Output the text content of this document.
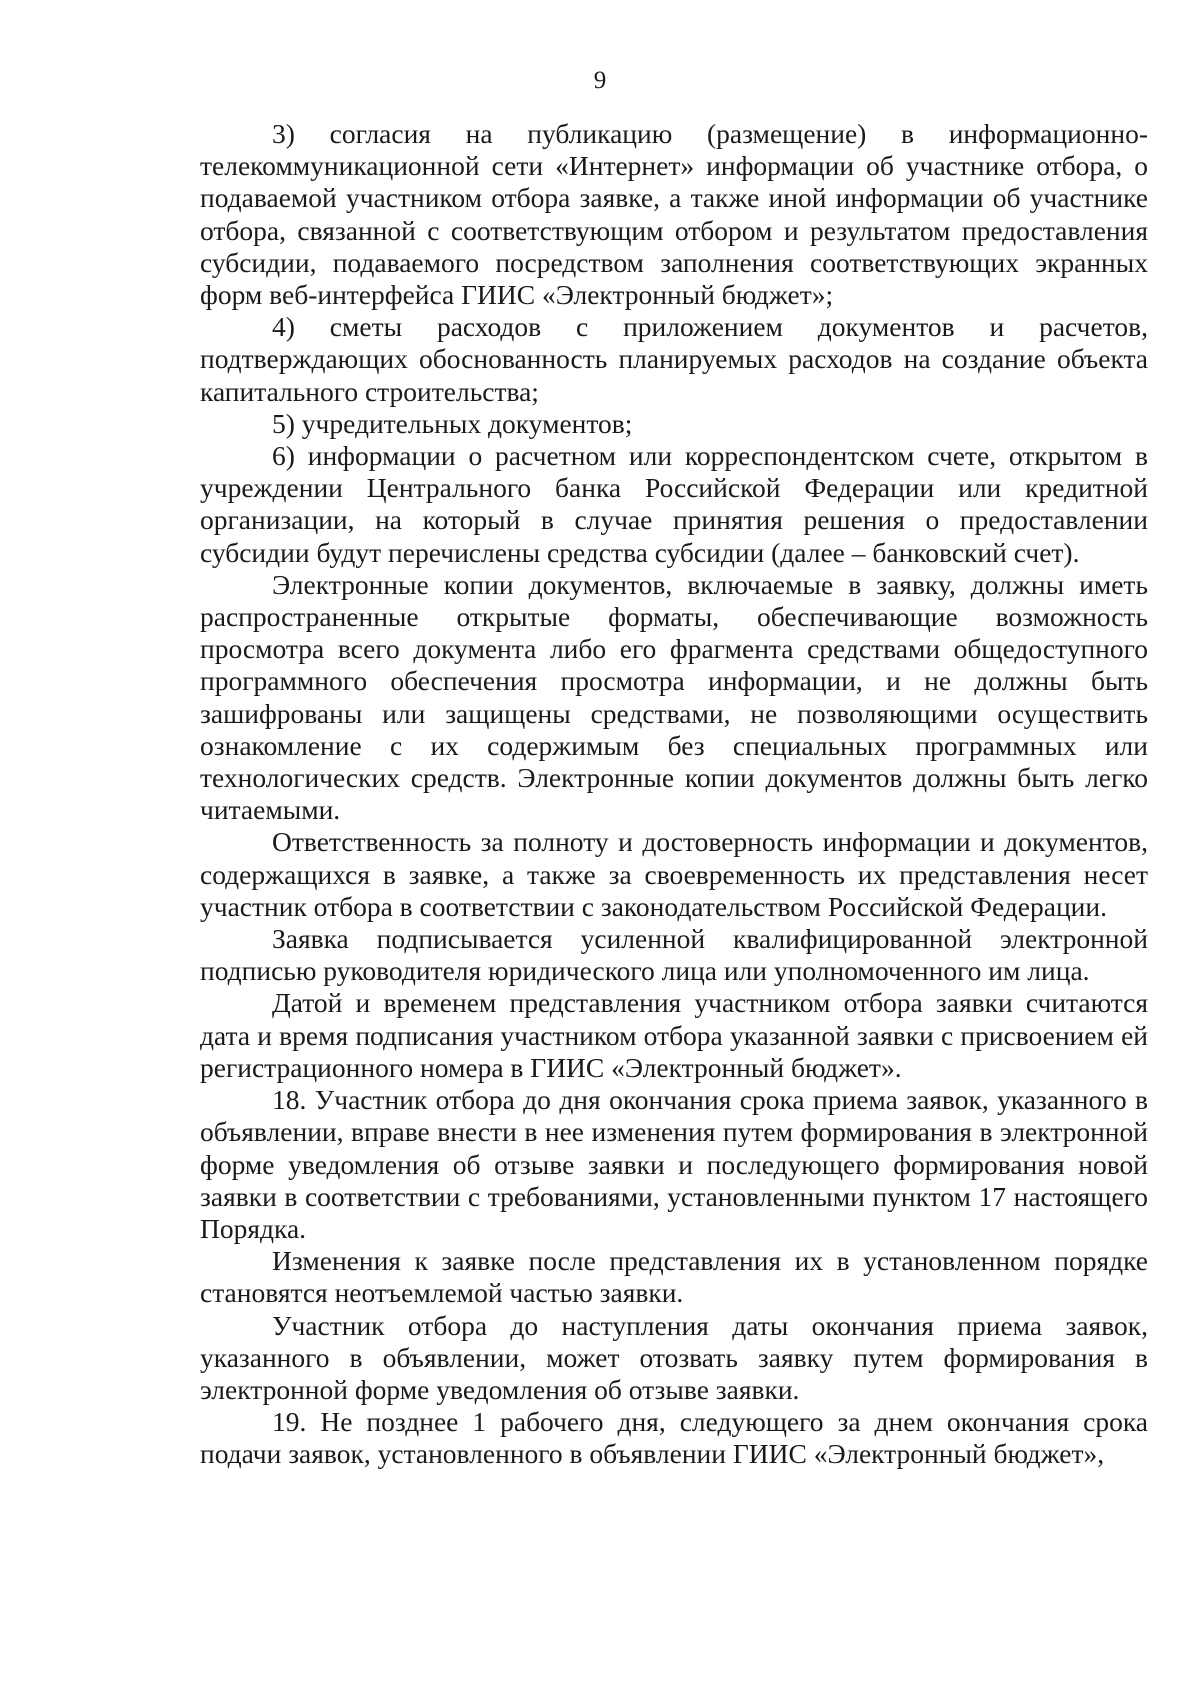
9

3) согласия на публикацию (размещение) в информационно-телекоммуникационной сети «Интернет» информации об участнике отбора, о подаваемой участником отбора заявке, а также иной информации об участнике отбора, связанной с соответствующим отбором и результатом предоставления субсидии, подаваемого посредством заполнения соответствующих экранных форм веб-интерфейса ГИИС «Электронный бюджет»;

4) сметы расходов с приложением документов и расчетов, подтверждающих обоснованность планируемых расходов на создание объекта капитального строительства;

5) учредительных документов;

6) информации о расчетном или корреспондентском счете, открытом в учреждении Центрального банка Российской Федерации или кредитной организации, на который в случае принятия решения о предоставлении субсидии будут перечислены средства субсидии (далее – банковский счет).

Электронные копии документов, включаемые в заявку, должны иметь распространенные открытые форматы, обеспечивающие возможность просмотра всего документа либо его фрагмента средствами общедоступного программного обеспечения просмотра информации, и не должны быть зашифрованы или защищены средствами, не позволяющими осуществить ознакомление с их содержимым без специальных программных или технологических средств. Электронные копии документов должны быть легко читаемыми.

Ответственность за полноту и достоверность информации и документов, содержащихся в заявке, а также за своевременность их представления несет участник отбора в соответствии с законодательством Российской Федерации.

Заявка подписывается усиленной квалифицированной электронной подписью руководителя юридического лица или уполномоченного им лица.

Датой и временем представления участником отбора заявки считаются дата и время подписания участником отбора указанной заявки с присвоением ей регистрационного номера в ГИИС «Электронный бюджет».

18. Участник отбора до дня окончания срока приема заявок, указанного в объявлении, вправе внести в нее изменения путем формирования в электронной форме уведомления об отзыве заявки и последующего формирования новой заявки в соответствии с требованиями, установленными пунктом 17 настоящего Порядка.

Изменения к заявке после представления их в установленном порядке становятся неотъемлемой частью заявки.

Участник отбора до наступления даты окончания приема заявок, указанного в объявлении, может отозвать заявку путем формирования в электронной форме уведомления об отзыве заявки.

19. Не позднее 1 рабочего дня, следующего за днем окончания срока подачи заявок, установленного в объявлении ГИИС «Электронный бюджет»,
